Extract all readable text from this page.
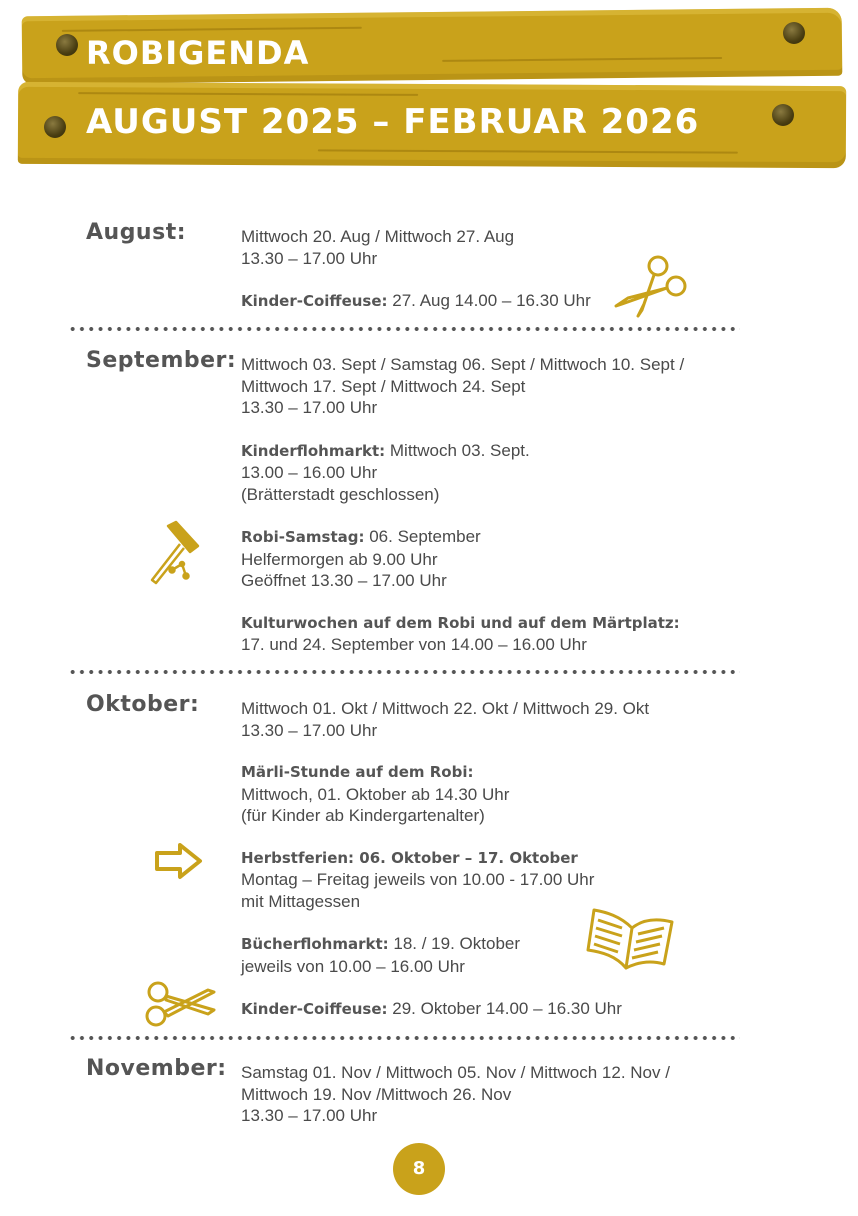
ROBIGENDA
AUGUST 2025 – FEBRUAR 2026
August:	Mittwoch 20. Aug / Mittwoch 27. Aug
13.30 – 17.00 Uhr
Kinder-Coiffeuse: 27. Aug 14.00 – 16.30 Uhr
September: Mittwoch 03. Sept / Samstag 06. Sept / Mittwoch 10. Sept /
Mittwoch 17. Sept / Mittwoch 24. Sept
13.30 – 17.00 Uhr
Kinderflohmarkt: Mittwoch 03. Sept.
13.00 – 16.00 Uhr
(Brätterstadt geschlossen)
Robi-Samstag: 06. September
Helfermorgen ab 9.00 Uhr
Geöffnet 13.30 – 17.00 Uhr
Kulturwochen auf dem Robi und auf dem Märtplatz:
17. und 24. September von 14.00 – 16.00 Uhr
Oktober: Mittwoch 01. Okt / Mittwoch 22. Okt / Mittwoch 29. Okt
13.30 – 17.00 Uhr
Märli-Stunde auf dem Robi:
Mittwoch, 01. Oktober ab 14.30 Uhr
(für Kinder ab Kindergartenalter)
Herbstferien: 06. Oktober – 17. Oktober
Montag – Freitag jeweils von 10.00 - 17.00 Uhr
mit Mittagessen
Bücherflohmarkt: 18. / 19. Oktober
jeweils von 10.00 – 16.00 Uhr
Kinder-Coiffeuse: 29. Oktober 14.00 – 16.30 Uhr
November: Samstag 01. Nov / Mittwoch 05. Nov / Mittwoch 12. Nov /
Mittwoch 19. Nov /Mittwoch 26. Nov
13.30 – 17.00 Uhr
8
